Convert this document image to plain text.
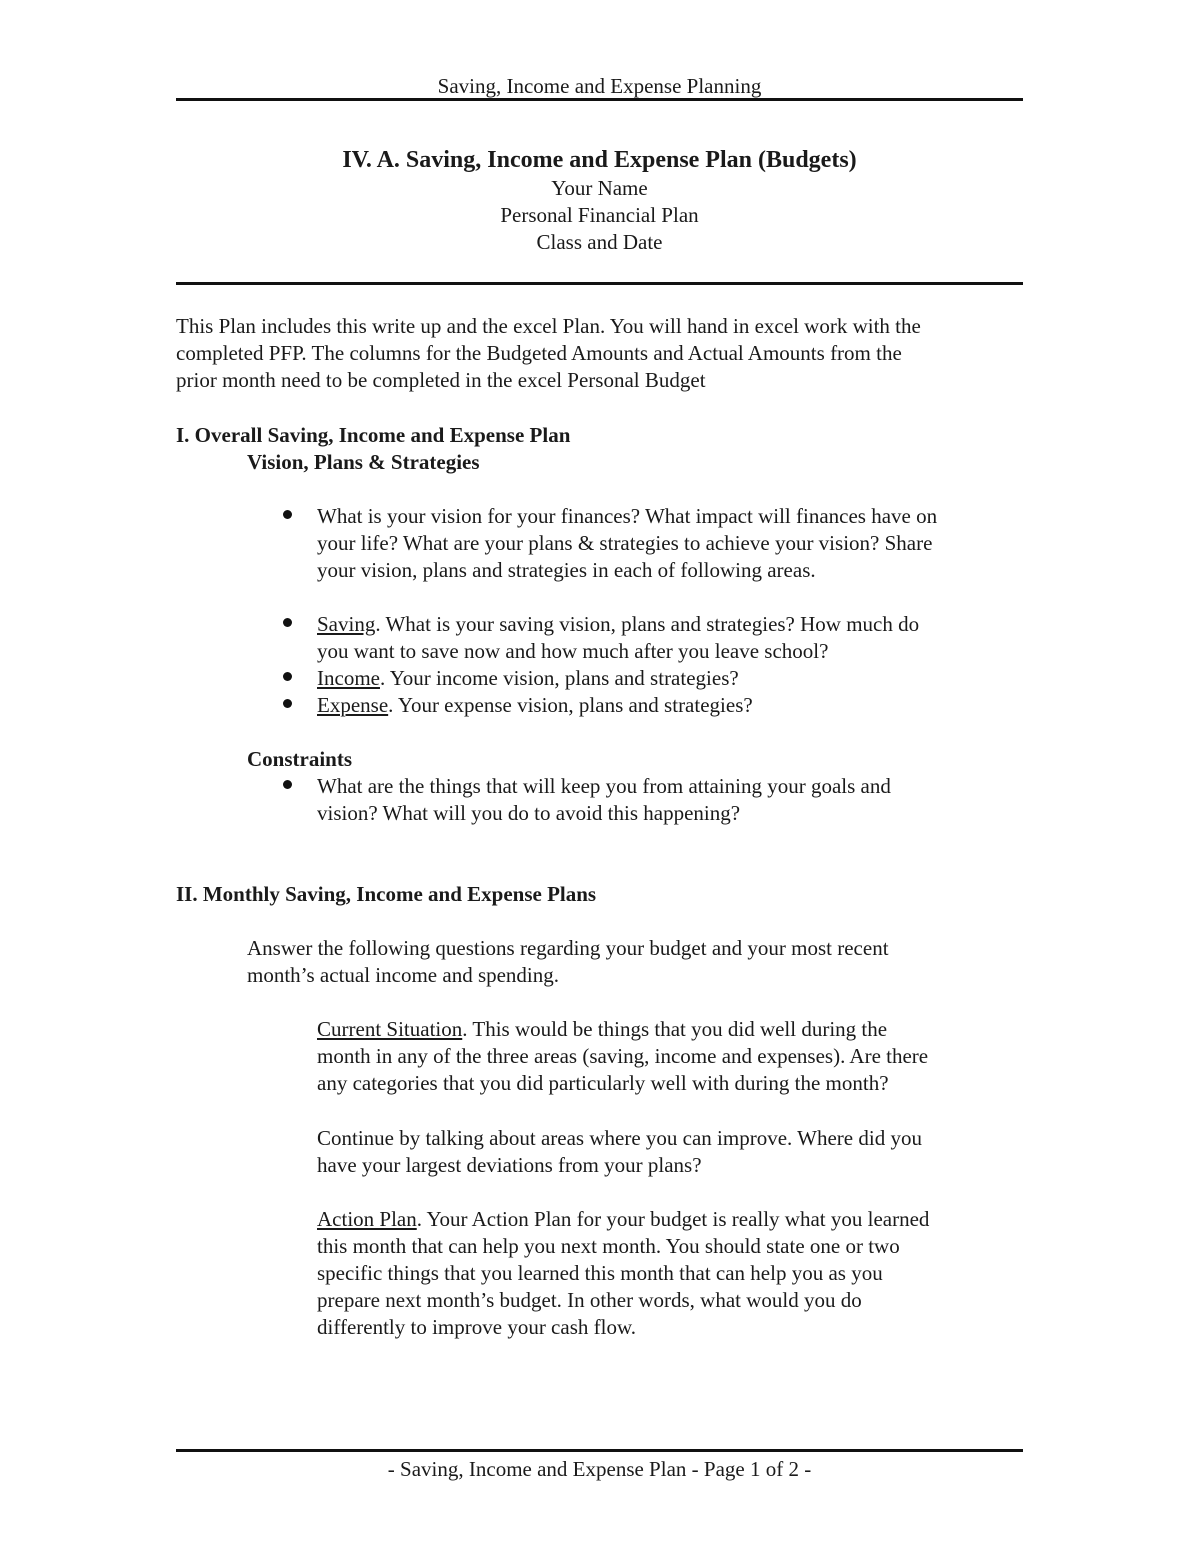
Saving, Income and Expense Planning
IV. A. Saving, Income and Expense Plan (Budgets)
Your Name
Personal Financial Plan
Class and Date

This Plan includes this write up and the excel Plan. You will hand in excel work with the

completed PFP. The columns for the Budgeted Amounts and Actual Amounts from the

prior month need to be completed in the excel Personal Budget

I. Overall Saving, Income and Expense Plan
Vision, Plans & Strategies

What is your vision for your finances? What impact will finances have on

your life? What are your plans & strategies to achieve your vision? Share

your vision, plans and strategies in each of following areas.

Saving. What is your saving vision, plans and strategies? How much do

you want to save now and how much after you leave school?

Income. Your income vision, plans and strategies?

Expense. Your expense vision, plans and strategies?

Constraints

What are the things that will keep you from attaining your goals and

vision? What will you do to avoid this happening?

II. Monthly Saving, Income and Expense Plans

Answer the following questions regarding your budget and your most recent

month’s actual income and spending.

Current Situation. This would be things that you did well during the

month in any of the three areas (saving, income and expenses). Are there

any categories that you did particularly well with during the month?

Continue by talking about areas where you can improve. Where did you

have your largest deviations from your plans?

Action Plan. Your Action Plan for your budget is really what you learned

this month that can help you next month. You should state one or two

specific things that you learned this month that can help you as you

prepare next month’s budget. In other words, what would you do

differently to improve your cash flow.

- Saving, Income and Expense Plan - Page 1 of 2 -
